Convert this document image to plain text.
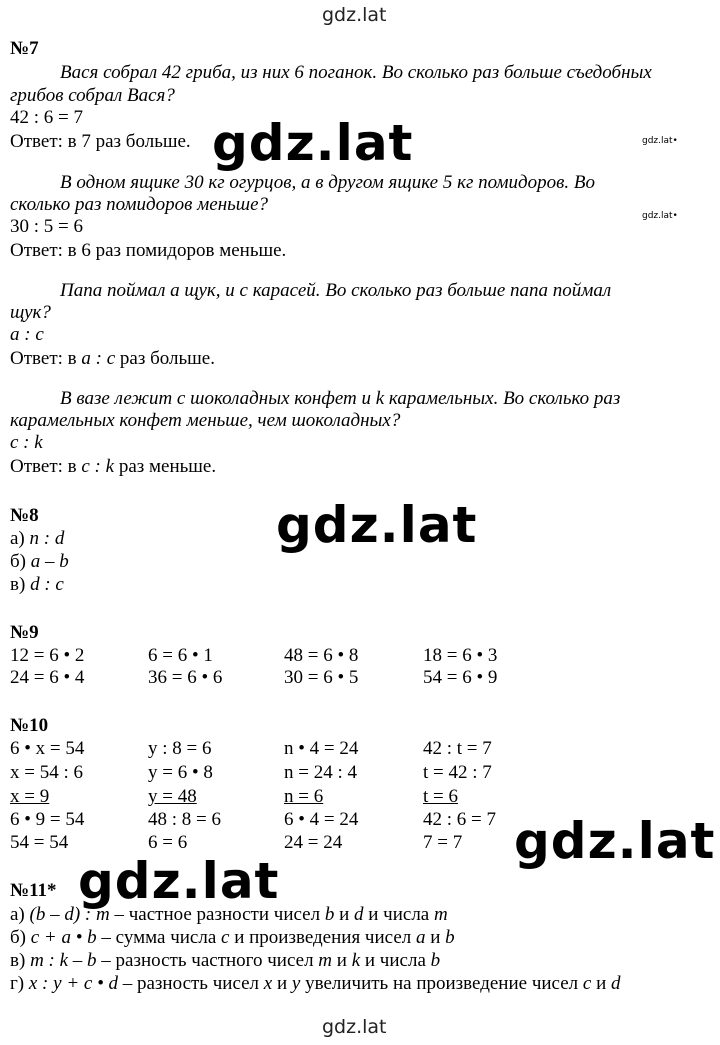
gdz.lat
gdz.lat
gdz.lat•
gdz.lat•
№7
Вася собрал 42 гриба, из них 6 поганок. Во сколько раз больше съедобных
грибов собрал Вася?
42 : 6 = 7
Ответ: в 7 раз больше.
В одном ящике 30 кг огурцов, а в другом ящике 5 кг помидоров. Во
сколько раз помидоров меньше?
30 : 5 = 6
Ответ: в 6 раз помидоров меньше.
Папа поймал a щук, и c карасей. Во сколько раз больше папа поймал
щук?
a : c
Ответ: в a : c раз больше.
В вазе лежит c шоколадных конфет и k карамельных. Во сколько раз
карамельных конфет меньше, чем шоколадных?
c : k
Ответ: в c : k раз меньше.
№8
а) n : d
б) a – b
в) d : c
№9
12 = 6 • 2	6 = 6 • 1	48 = 6 • 8	18 = 6 • 3
24 = 6 • 4	36 = 6 • 6	30 = 6 • 5	54 = 6 • 9
№10
6 • x = 54	y : 8 = 6	n • 4 = 24	42 : t = 7
x = 54 : 6	y = 6 • 8	n = 24 : 4	t = 42 : 7
x = 9	y = 48	n = 6	t = 6
6 • 9 = 54	48 : 8 = 6	6 • 4 = 24	42 : 6 = 7
54 = 54	6 = 6	24 = 24	7 = 7
№11*
а) (b – d) : m – частное разности чисел b и d и числа m
б) c + a • b – сумма числа c и произведения чисел a и b
в) m : k – b – разность частного чисел m и k и числа b
г) x : y + c • d – разность чисел x и y увеличить на произведение чисел c и d
gdz.lat
gdz.lat
gdz.lat
gdz.lat
